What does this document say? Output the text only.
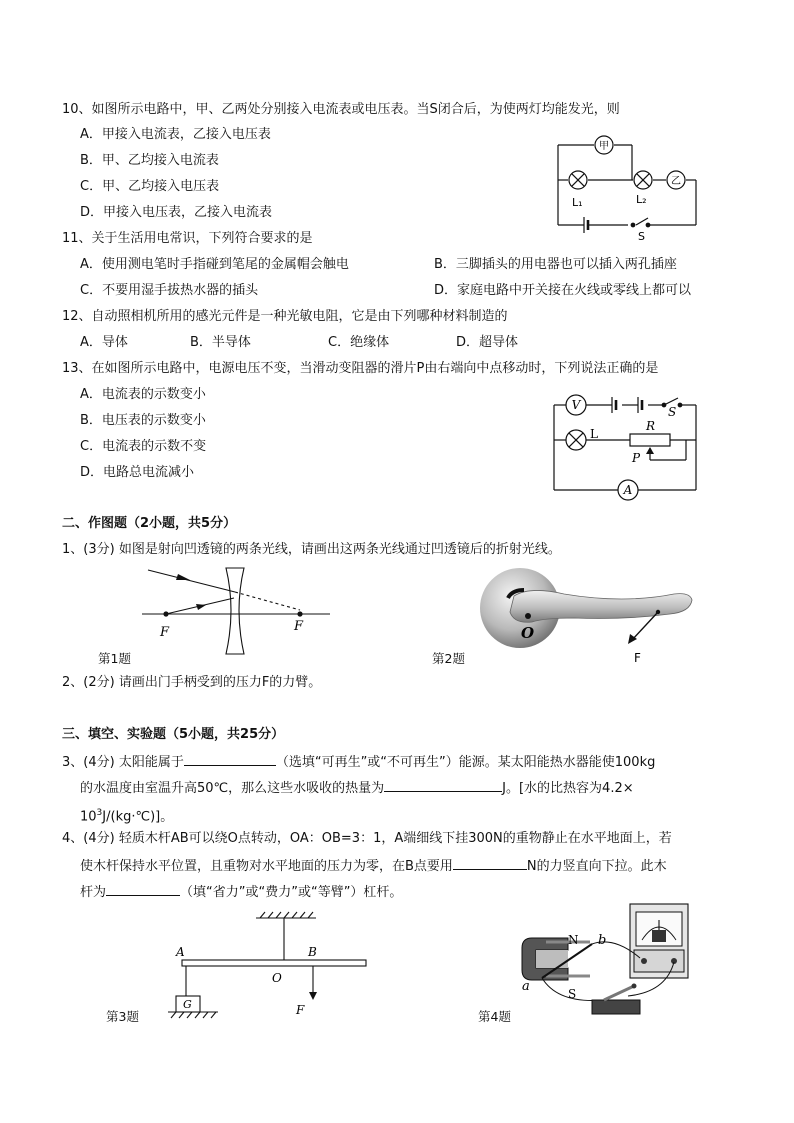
10、如图所示电路中，甲、乙两处分别接入电流表或电压表。当S闭合后，为使两灯均能发光，则
A．甲接入电流表，乙接入电压表
B．甲、乙均接入电流表
C．甲、乙均接入电压表
D．甲接入电压表，乙接入电流表
甲
乙
L₁	L₂
S
11、关于生活用电常识，下列符合要求的是
A．使用测电笔时手指碰到笔尾的金属帽会触电	B．三脚插头的用电器也可以插入两孔插座
C．不要用湿手拔热水器的插头	D．家庭电路中开关接在火线或零线上都可以
12、自动照相机所用的感光元件是一种光敏电阻，它是由下列哪种材料制造的
A．导体	B．半导体	C．绝缘体	D．超导体
13、在如图所示电路中，电源电压不变，当滑动变阻器的滑片P由右端向中点移动时，下列说法正确的是
A．电流表的示数变小
B．电压表的示数变小
C．电流表的示数不变
D．电路总电流减小
V	S
L
R
P
A
二、作图题（2小题，共5分）
1、(3分) 如图是射向凹透镜的两条光线，请画出这两条光线通过凹透镜后的折射光线。
F	F
第1题
O
F
第2题
2、(2分) 请画出门手柄受到的压力F的力臂。
三、填空、实验题（5小题，共25分）
3、(4分) 太阳能属于	（选填“可再生”或“不可再生”）能源。某太阳能热水器能使100kg
的水温度由室温升高50℃，那么这些水吸收的热量为	J。[水的比热容为4.2×
$10^3J/(kg\cdot℃)$]。
4、(4分) 轻质木杆AB可以绕O点转动，OA：OB=3：1，A端细线下挂300N的重物静止在水平地面上，若
使木杆保持水平位置，且重物对水平地面的压力为零，在B点要用	N的力竖直向下拉。此木
杆为	（填“省力”或“费力”或“等臂”）杠杆。
A
O
B
F
G
第3题
N
S
a
b
第4题
